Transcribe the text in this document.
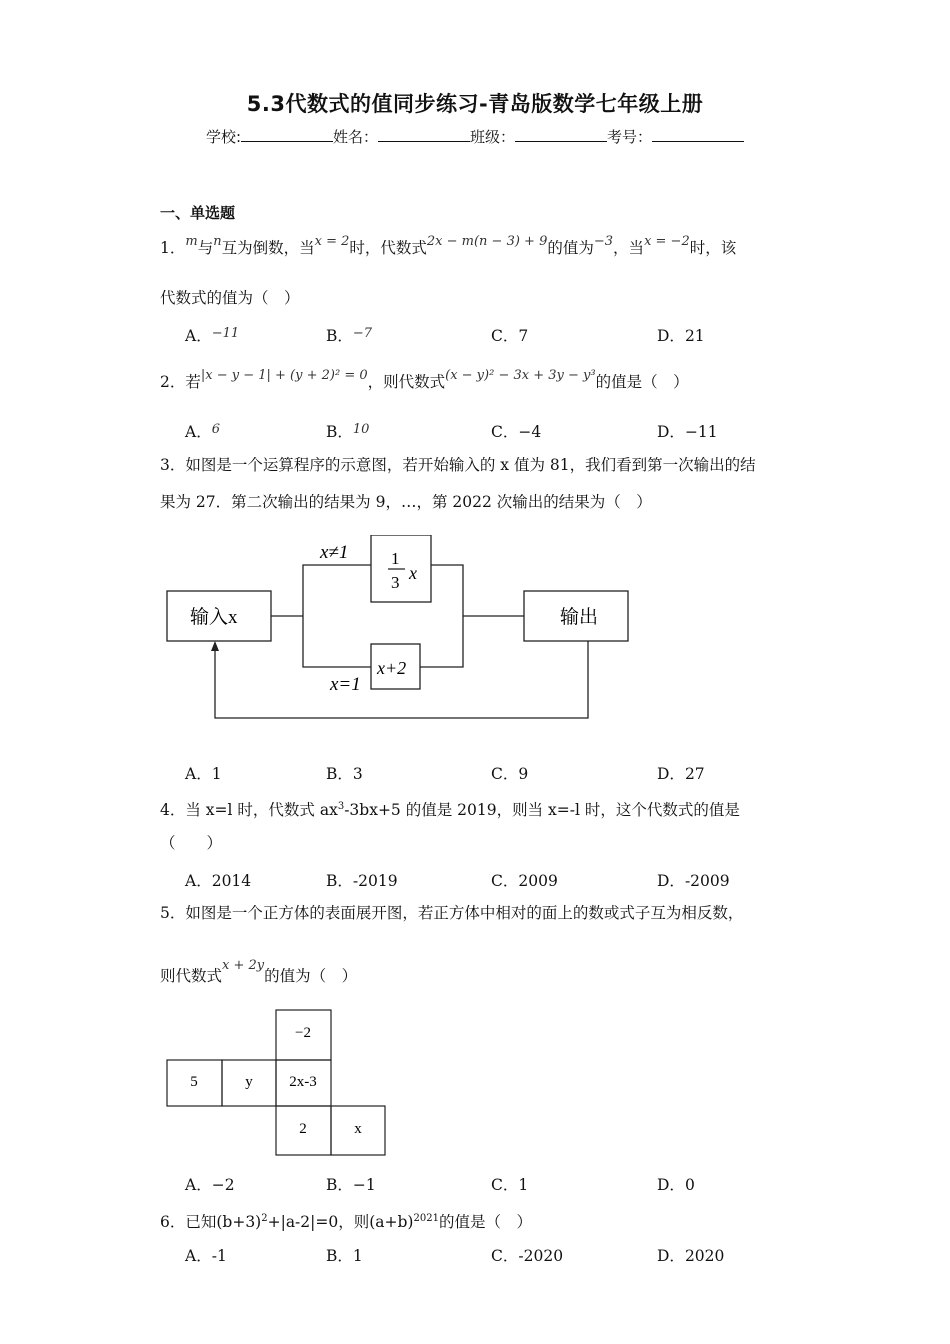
5.3代数式的值同步练习-青岛版数学七年级上册
学校:	姓名：	班级：	考号：
一、单选题
1．$^m$与$^n$互为倒数，当$^{x = 2}$时，代数式$^{2x - m(n - 3) + 9}$的值为$^{-3}$，当$^{x = -2}$时，该
代数式的值为（　）
A．$^{-11}$	B．$^{-7}$	C．7	D．21
2．若$^{|x - y - 1| + (y + 2)^2 = 0}$，则代数式$^{(x - y)^2 - 3x + 3y - y^3}$的值是（　）
A．$^6$	B．$^{10}$	C．−4	D．−11
3．如图是一个运算程序的示意图，若开始输入的 x 值为 81，我们看到第一次输出的结
果为 27．第二次输出的结果为 9，…，第 2022 次输出的结果为（　）
输入x	输出
x≠1
x=1
1
3 x
x+2
A．1	B．3	C．9	D．27
4．当 x=l 时，代数式 $ax^3-3bx+5$ 的值是 2019，则当 x=-l 时，这个代数式的值是
（　　）
A．2014	B．-2019	C．2009	D．-2009
5．如图是一个正方体的表面展开图，若正方体中相对的面上的数或式子互为相反数，
则代数式$^{x + 2y}$的值为（　）
−2
5	y 2x-3
2	x
A．−2	B．−1	C．1	D．0
6．已知$(b+3)^2+|a-2|=0$，则$(a+b)^{2021}$的值是（　）
A．-1	B．1	C．-2020	D．2020
